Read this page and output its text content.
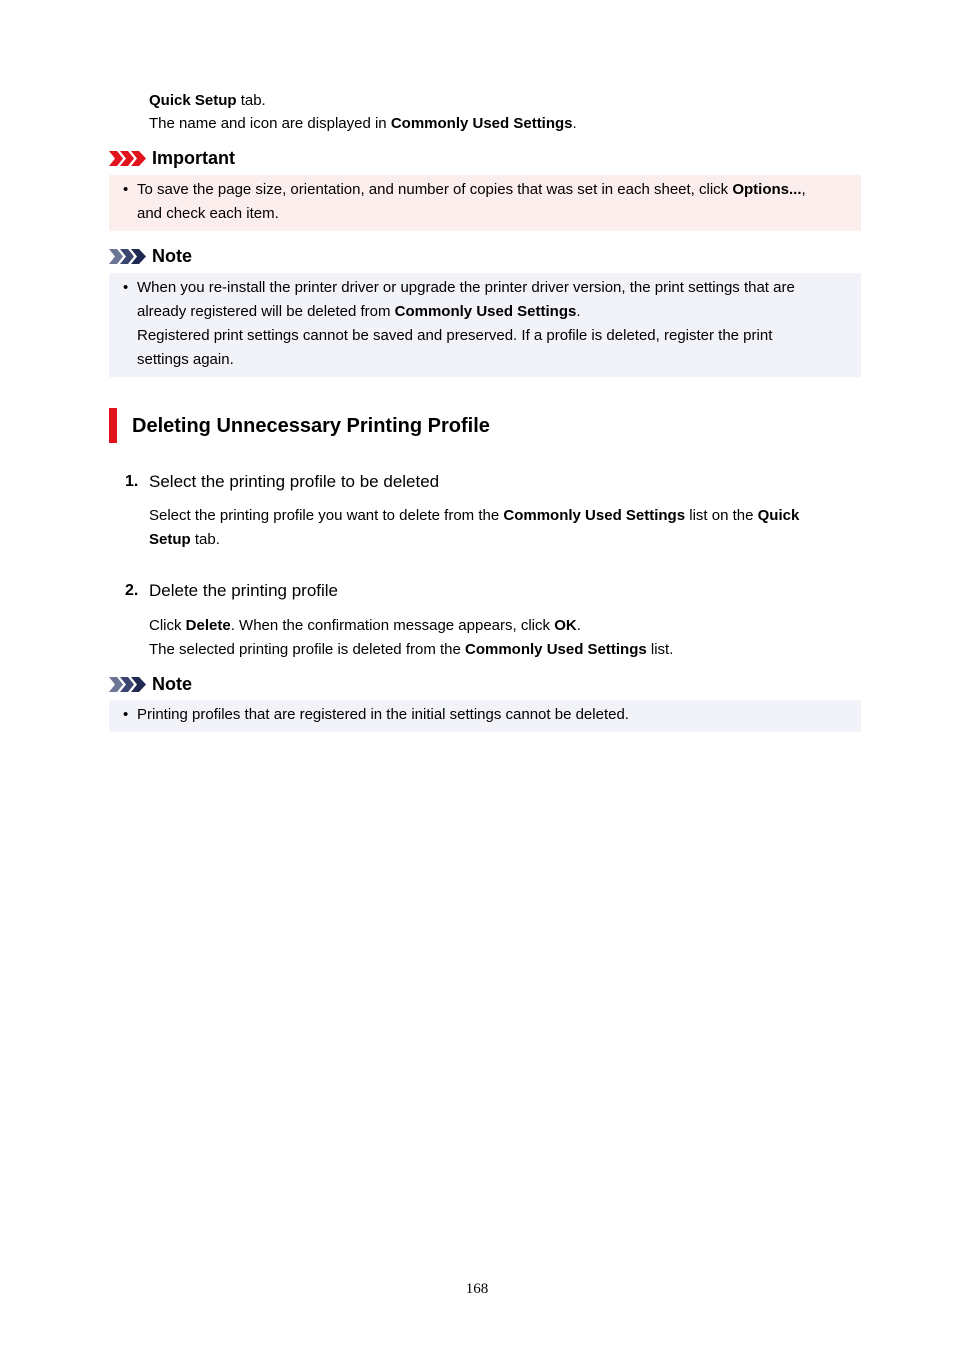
Quick Setup tab.
The name and icon are displayed in Commonly Used Settings.
Important
• To save the page size, orientation, and number of copies that was set in each sheet, click Options...,
and check each item.
Note
• When you re-install the printer driver or upgrade the printer driver version, the print settings that are
already registered will be deleted from Commonly Used Settings.
Registered print settings cannot be saved and preserved. If a profile is deleted, register the print
settings again.
Deleting Unnecessary Printing Profile
1. Select the printing profile to be deleted
Select the printing profile you want to delete from the Commonly Used Settings list on the Quick
Setup tab.
2. Delete the printing profile
Click Delete. When the confirmation message appears, click OK.
The selected printing profile is deleted from the Commonly Used Settings list.
Note
• Printing profiles that are registered in the initial settings cannot be deleted.
168
